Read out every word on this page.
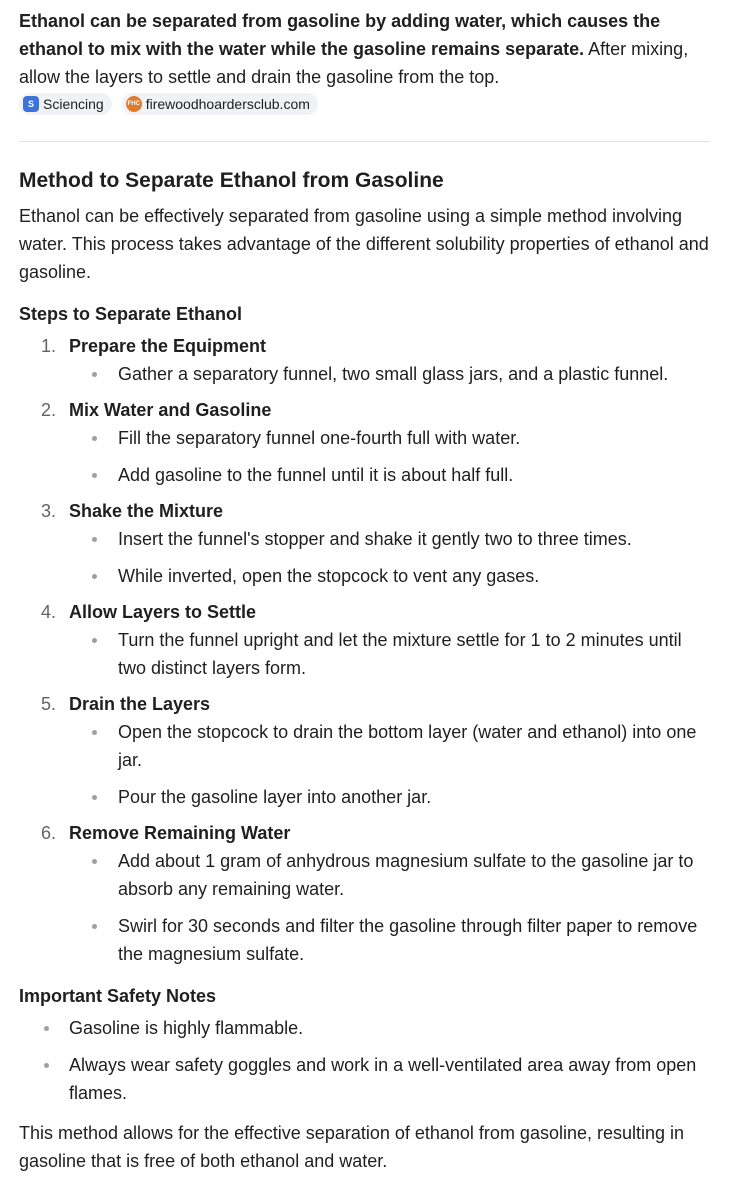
Ethanol can be separated from gasoline by adding water, which causes the ethanol to mix with the water while the gasoline remains separate. After mixing, allow the layers to settle and drain the gasoline from the top.

S Sciencing	FHC firewoodhoardersclub.com
Method to Separate Ethanol from Gasoline

Ethanol can be effectively separated from gasoline using a simple method involving water. This process takes advantage of the different solubility properties of ethanol and gasoline.

Steps to Separate Ethanol
1. Prepare the Equipment
Gather a separatory funnel, two small glass jars, and a plastic funnel.
2. Mix Water and Gasoline
Fill the separatory funnel one-fourth full with water.
Add gasoline to the funnel until it is about half full.
3. Shake the Mixture
Insert the funnel's stopper and shake it gently two to three times.
While inverted, open the stopcock to vent any gases.
4. Allow Layers to Settle
Turn the funnel upright and let the mixture settle for 1 to 2 minutes until two distinct layers form.
5. Drain the Layers
Open the stopcock to drain the bottom layer (water and ethanol) into one jar.
Pour the gasoline layer into another jar.
6. Remove Remaining Water
Add about 1 gram of anhydrous magnesium sulfate to the gasoline jar to absorb any remaining water.
Swirl for 30 seconds and filter the gasoline through filter paper to remove the magnesium sulfate.
Important Safety Notes
Gasoline is highly flammable.
Always wear safety goggles and work in a well-ventilated area away from open flames.

This method allows for the effective separation of ethanol from gasoline, resulting in gasoline that is free of both ethanol and water.
